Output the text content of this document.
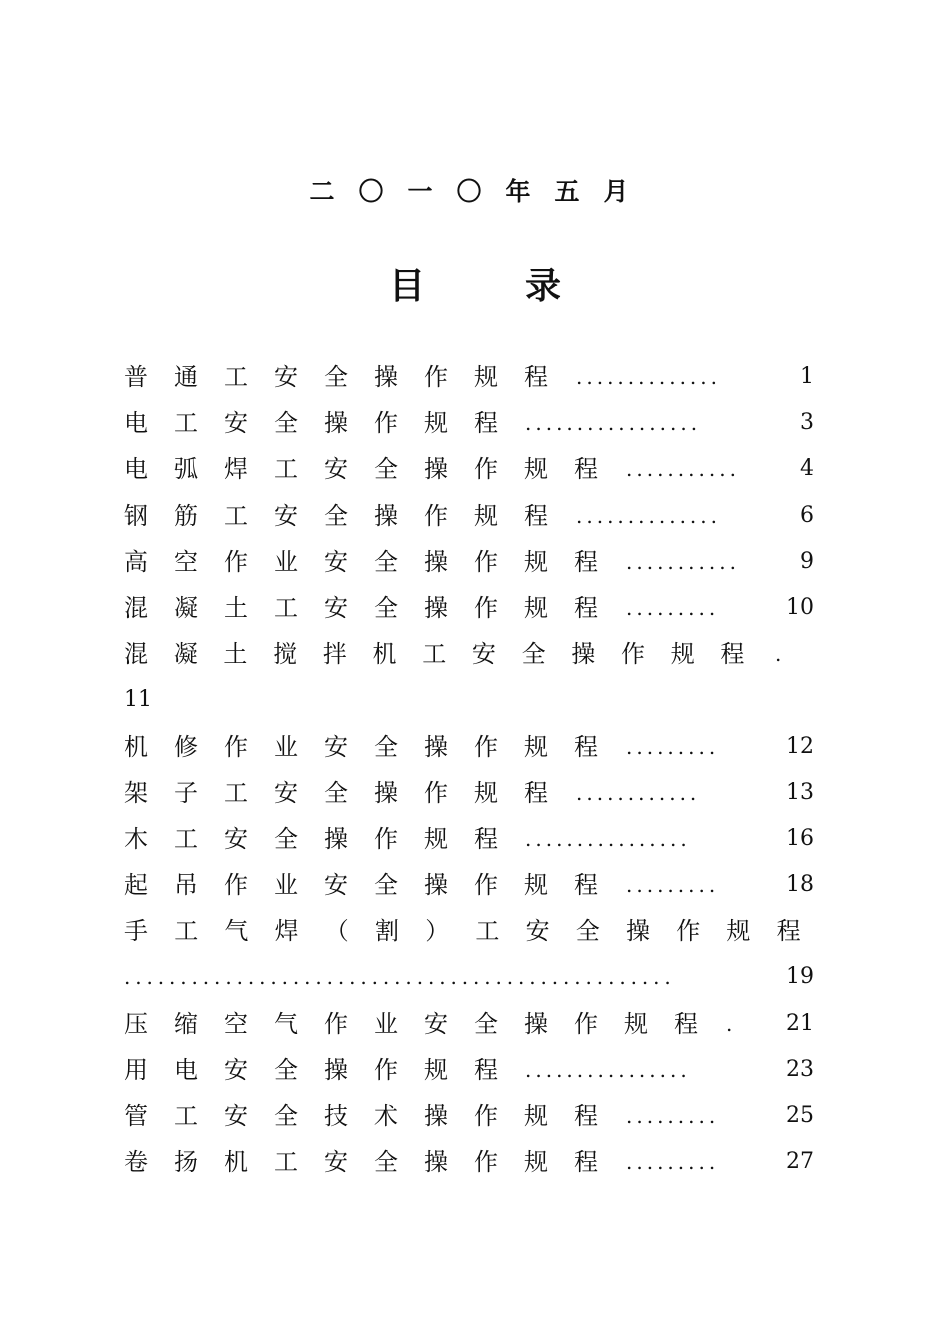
二〇一〇年五月
目	录
普通工安全操作规程 ..............	1
电工安全操作规程 .................	3
电弧焊工安全操作规程 ...........	4
钢筋工安全操作规程 ..............	6
高空作业安全操作规程 ...........	9
混凝土工安全操作规程 .........	10
混凝土搅拌机工安全操作规程 .
11
机修作业安全操作规程 .........	12
架子工安全操作规程 ............	13
木工安全操作规程 ................	16
起吊作业安全操作规程 .........	18
手工气焊（割）工安全操作规程
.................................................	19
压缩空气作业安全操作规程 . 21
用电安全操作规程 ................	23
管工安全技术操作规程 .........	25
卷扬机工安全操作规程 .........	27
